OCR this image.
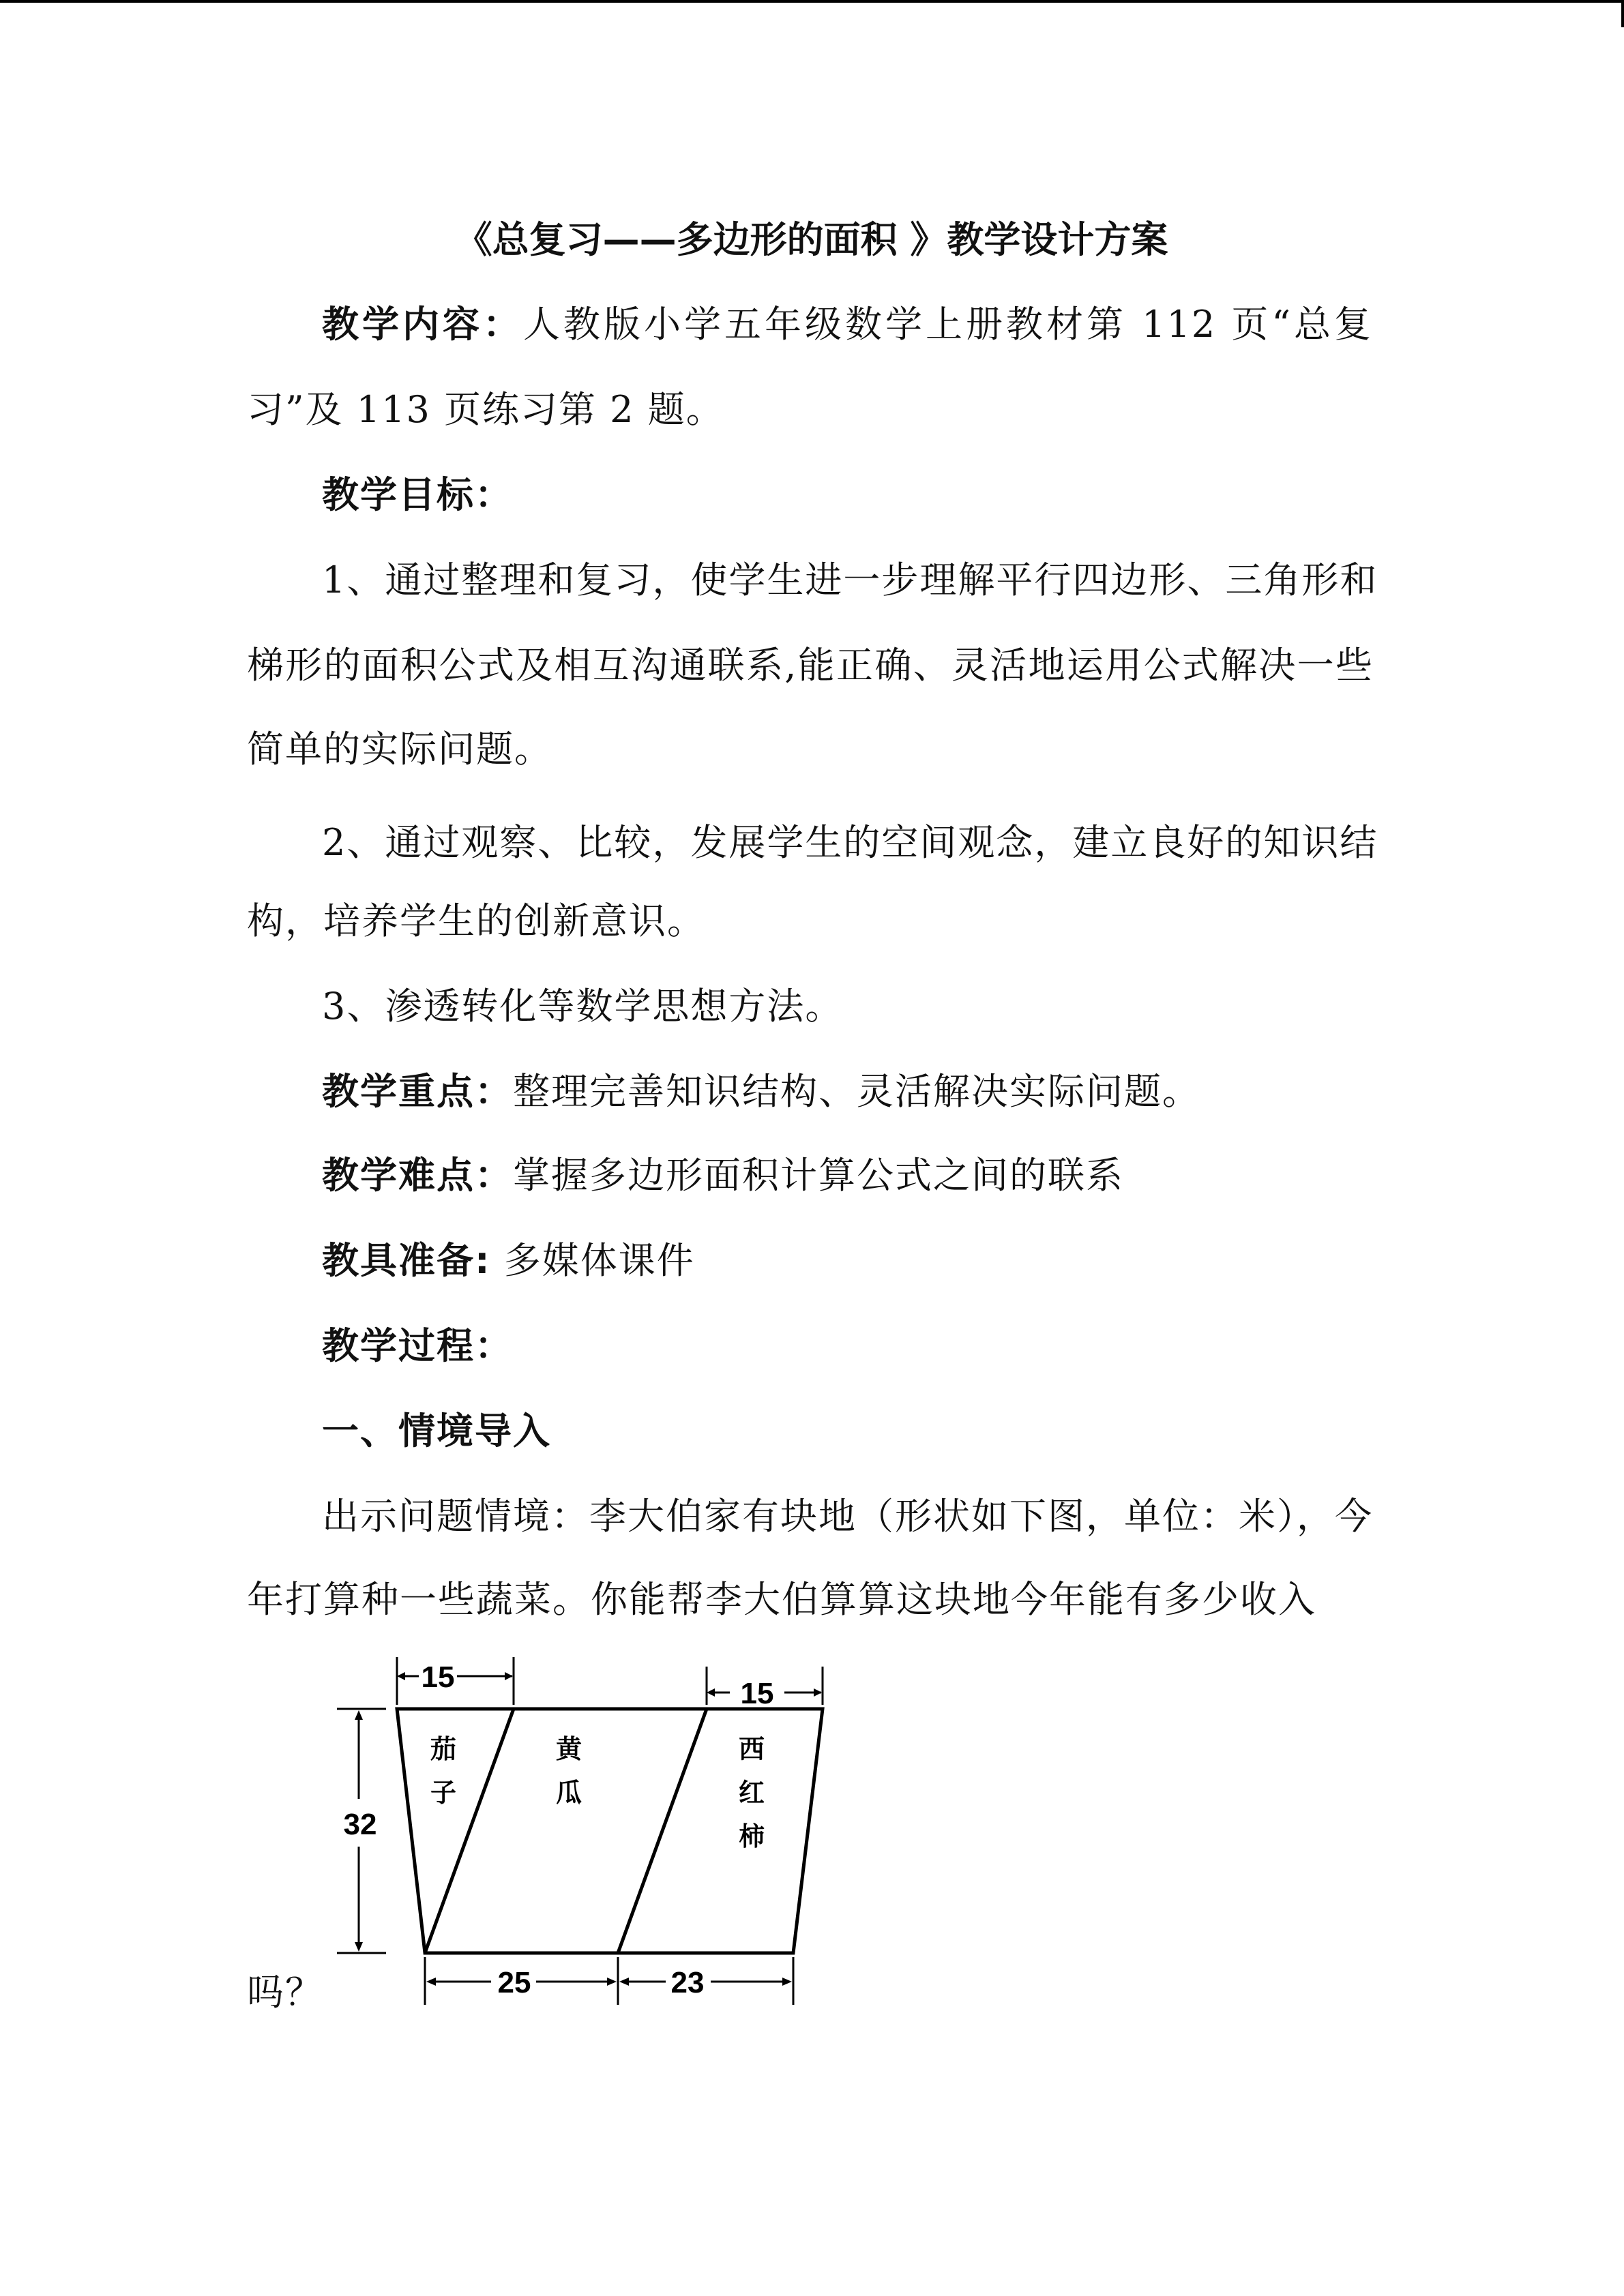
《总复习——多边形的面积 》教学设计方案
教学内容：人教版小学五年级数学上册教材第 112 页“总复
习”及 113 页练习第 2 题。
教学目标：
1、通过整理和复习，使学生进一步理解平行四边形、三角形和
梯形的面积公式及相互沟通联系,能正确、灵活地运用公式解决一些
简单的实际问题。
2、通过观察、比较，发展学生的空间观念，建立良好的知识结
构，培养学生的创新意识。
3、渗透转化等数学思想方法。
教学重点：整理完善知识结构、灵活解决实际问题。
教学难点：掌握多边形面积计算公式之间的联系
教具准备: 多媒体课件
教学过程：
一、情境导入
出示问题情境：李大伯家有块地（形状如下图，单位：米），今
年打算种一些蔬菜。你能帮李大伯算算这块地今年能有多少收入
吗？
15	15
32
25	23
茄
子
黄
瓜
西
红
柿
